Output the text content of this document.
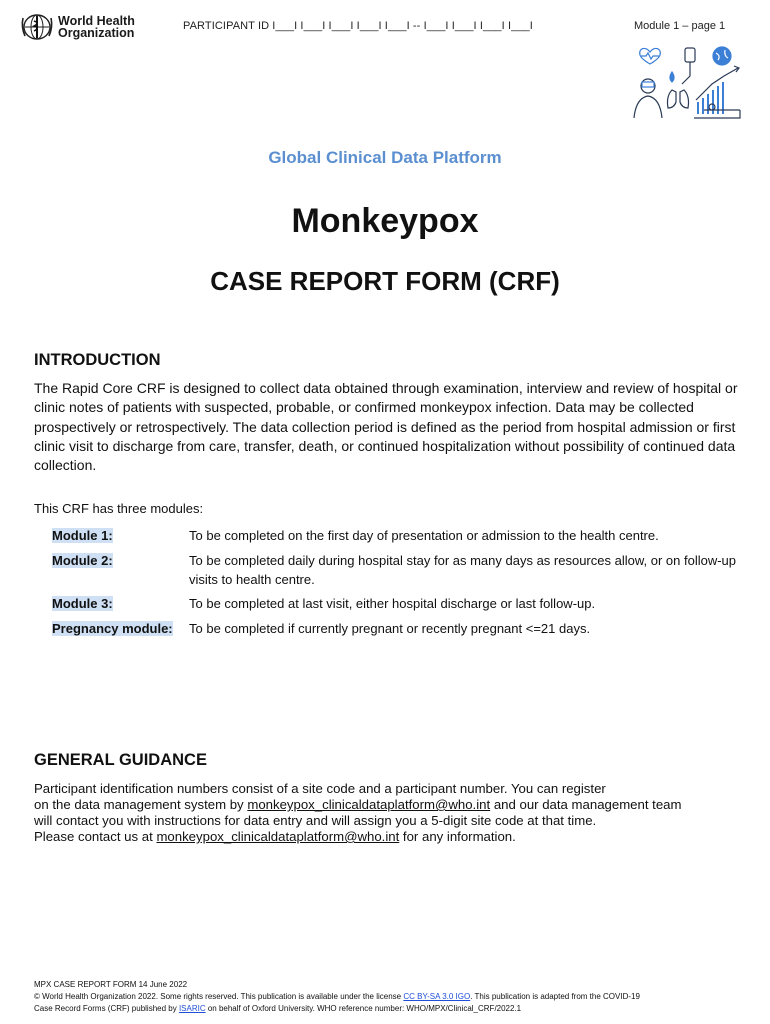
World Health
Organization	PARTICIPANT ID I___I I___I I___I I___I I___I -- I___I I___I I___I I___I	Module 1 – page 1
Global Clinical Data Platform
Monkeypox
CASE REPORT FORM (CRF)
INTRODUCTION
The Rapid Core CRF is designed to collect data obtained through examination, interview and review of hospital or clinic notes of patients with suspected, probable, or confirmed monkeypox infection. Data may be collected prospectively or retrospectively. The data collection period is defined as the period from hospital admission or first clinic visit to discharge from care, transfer, death, or continued hospitalization without possibility of continued data collection.
This CRF has three modules:
Module 1:	To be completed on the first day of presentation or admission to the health centre.
Module 2:	To be completed daily during hospital stay for as many days as resources allow, or on follow-up visits to health centre.
Module 3:	To be completed at last visit, either hospital discharge or last follow-up.
Pregnancy module:	To be completed if currently pregnant or recently pregnant <=21 days.
GENERAL GUIDANCE
Participant identification numbers consist of a site code and a participant number. You can register
on the data management system by monkeypox_clinicaldataplatform@who.int and our data management team
will contact you with instructions for data entry and will assign you a 5-digit site code at that time.
Please contact us at monkeypox_clinicaldataplatform@who.int for any information.
MPX CASE REPORT FORM 14 June 2022
© World Health Organization 2022. Some rights reserved. This publication is available under the license CC BY-SA 3.0 IGO. This publication is adapted from the COVID-19
Case Record Forms (CRF) published by ISARIC on behalf of Oxford University. WHO reference number: WHO/MPX/Clinical_CRF/2022.1
